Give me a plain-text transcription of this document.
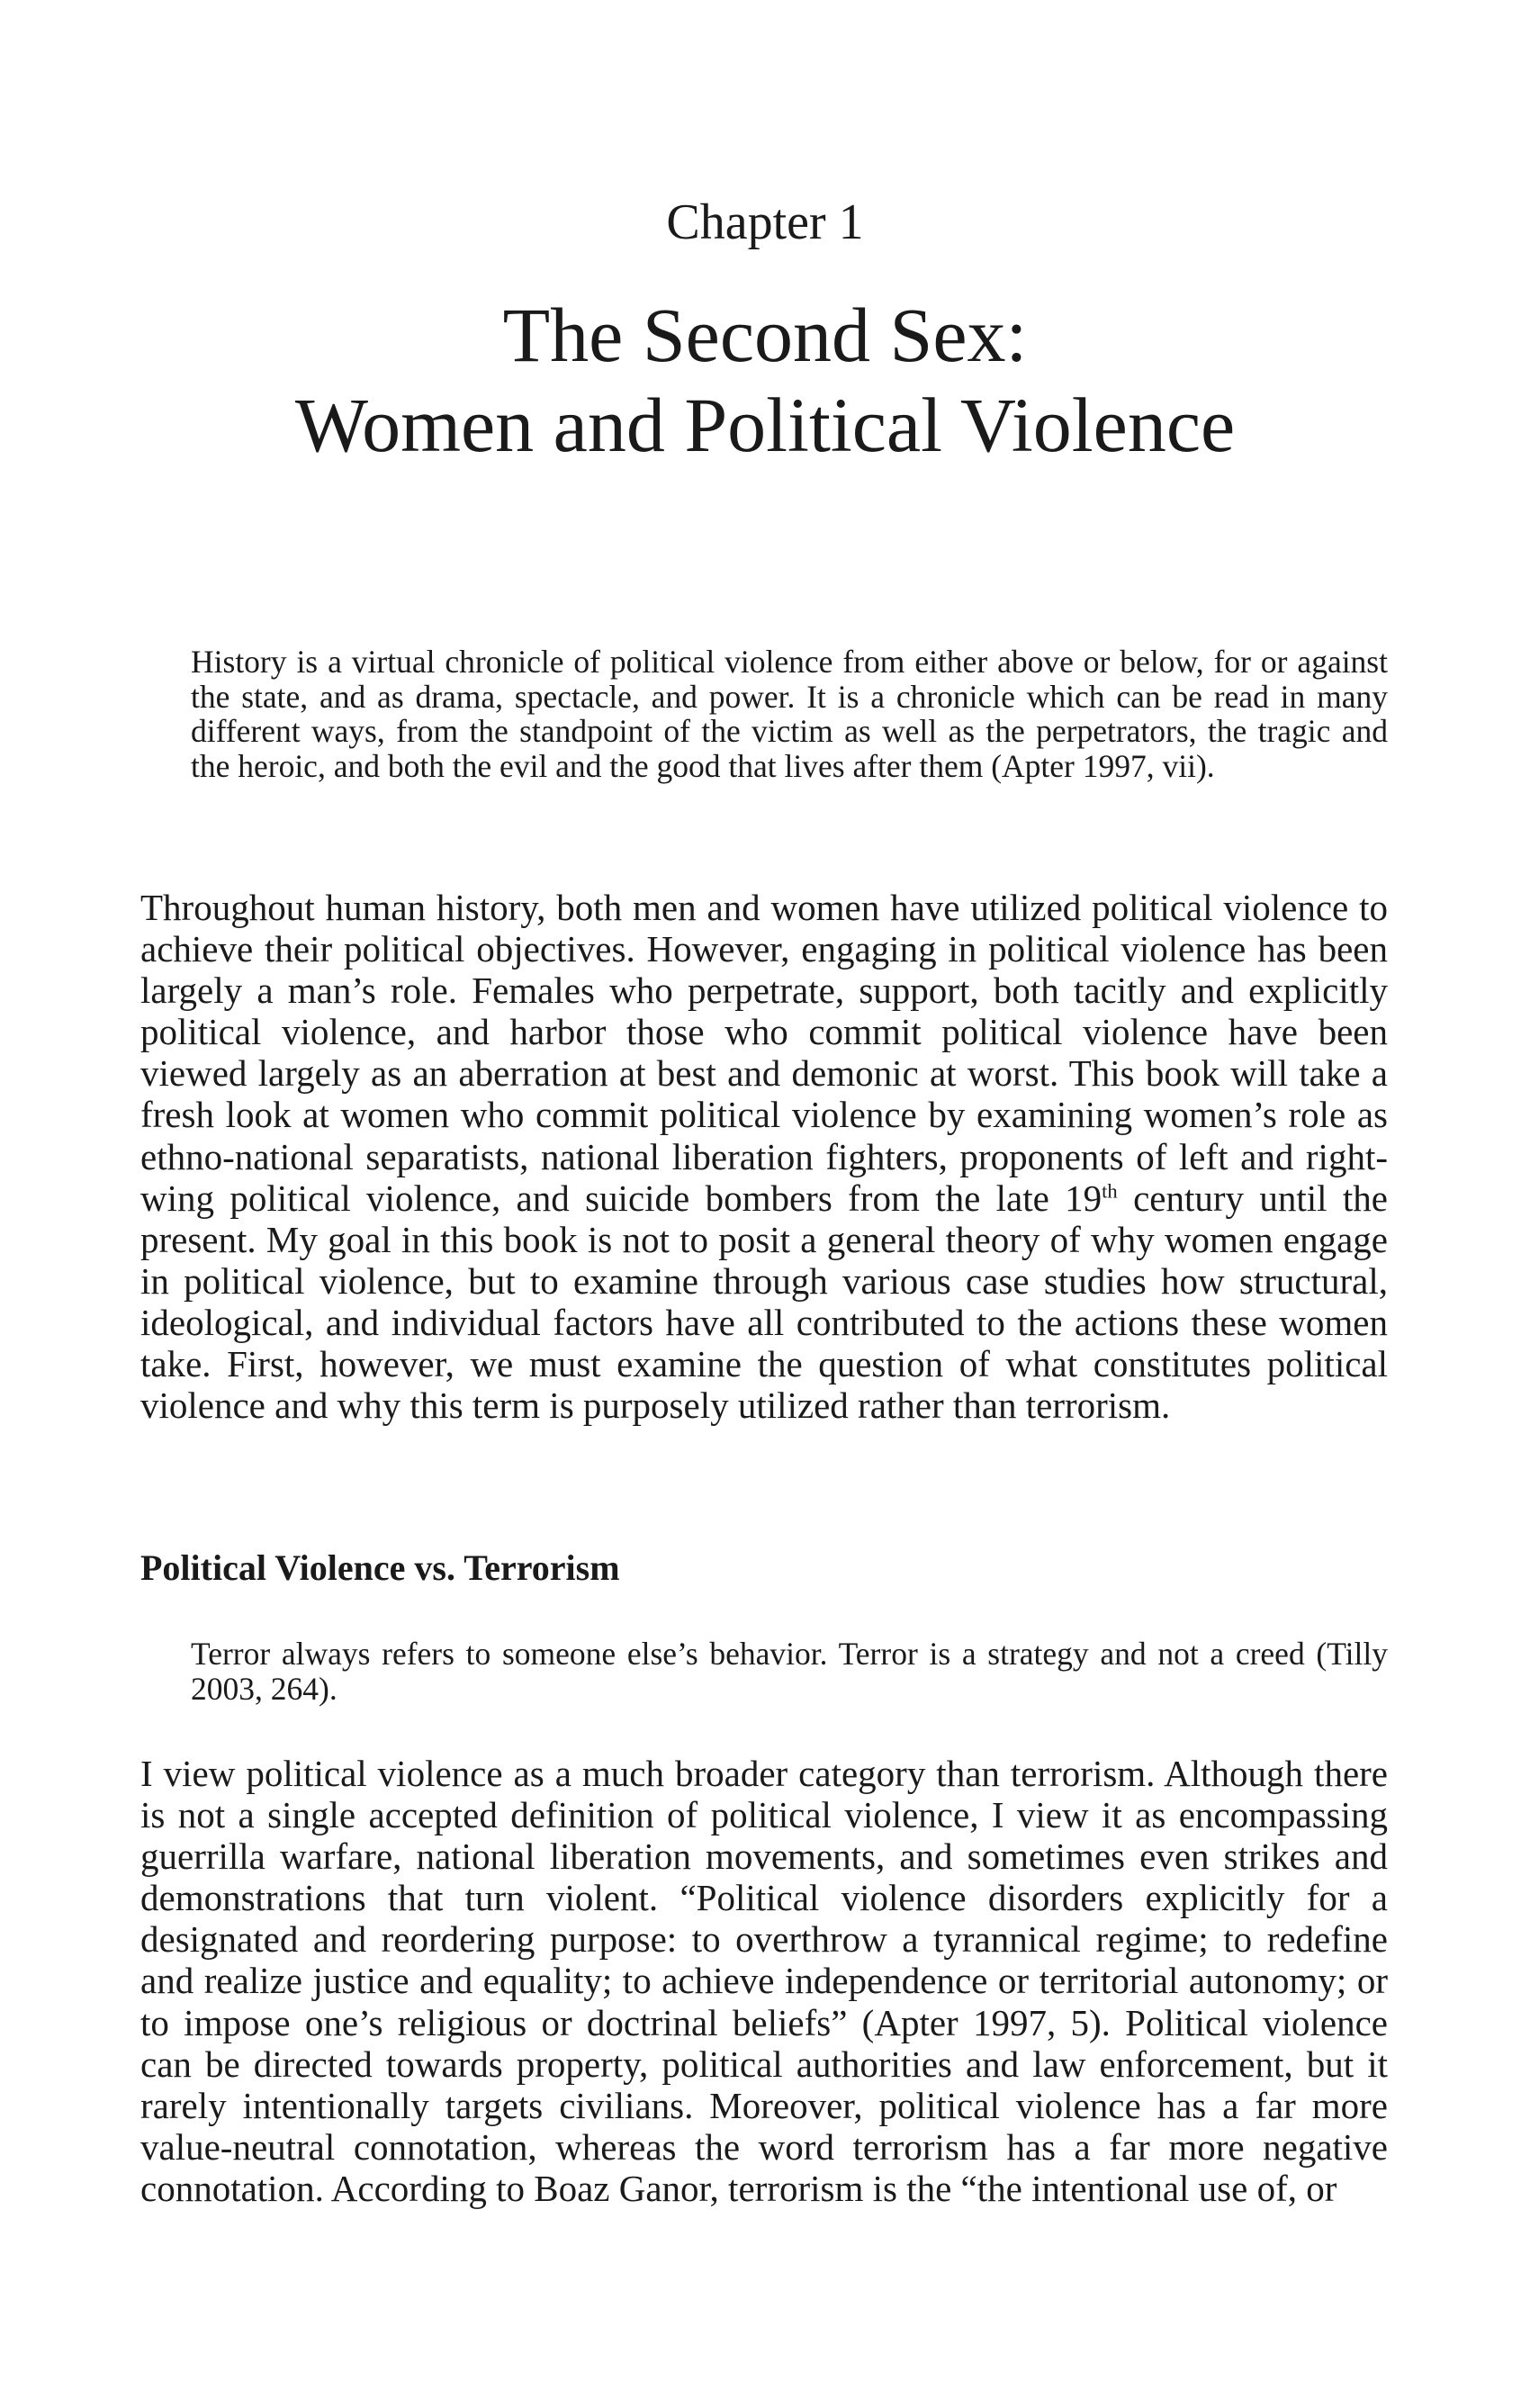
Chapter 1
The Second Sex:
Women and Political Violence
History is a virtual chronicle of political violence from either above or below, for or against the state, and as drama, spectacle, and power. It is a chronicle which can be read in many different ways, from the standpoint of the victim as well as the perpetrators, the tragic and the heroic, and both the evil and the good that lives after them (Apter 1997, vii).

Throughout human history, both men and women have utilized political violence to achieve their political objectives. However, engaging in political violence has been largely a man’s role. Females who perpetrate, support, both tacitly and explicitly political violence, and harbor those who commit political violence have been viewed largely as an aberration at best and demonic at worst. This book will take a fresh look at women who commit political violence by examining women’s role as ethno-national separatists, national liberation fighters, proponents of left and right-wing political violence, and suicide bombers from the late 19th century until the present. My goal in this book is not to posit a general theory of why women engage in political violence, but to examine through various case studies how structural, ideological, and individual factors have all contributed to the actions these women take. First, however, we must examine the question of what constitutes political violence and why this term is purposely utilized rather than terrorism.

Political Violence vs. Terrorism
Terror always refers to someone else’s behavior. Terror is a strategy and not a creed (Tilly 2003, 264).

I view political violence as a much broader category than terrorism. Although there is not a single accepted definition of political violence, I view it as encompassing guerrilla warfare, national liberation movements, and sometimes even strikes and demonstrations that turn violent. “Political violence disorders explicitly for a designated and reordering purpose: to overthrow a tyrannical regime; to redefine and realize justice and equality; to achieve independence or territorial autonomy; or to impose one’s religious or doctrinal beliefs” (Apter 1997, 5). Political violence can be directed towards property, political authorities and law enforcement, but it rarely intentionally targets civilians. Moreover, political violence has a far more value-neutral connotation, whereas the word terrorism has a far more negative connotation. According to Boaz Ganor, terrorism is the “the intentional use of, or
